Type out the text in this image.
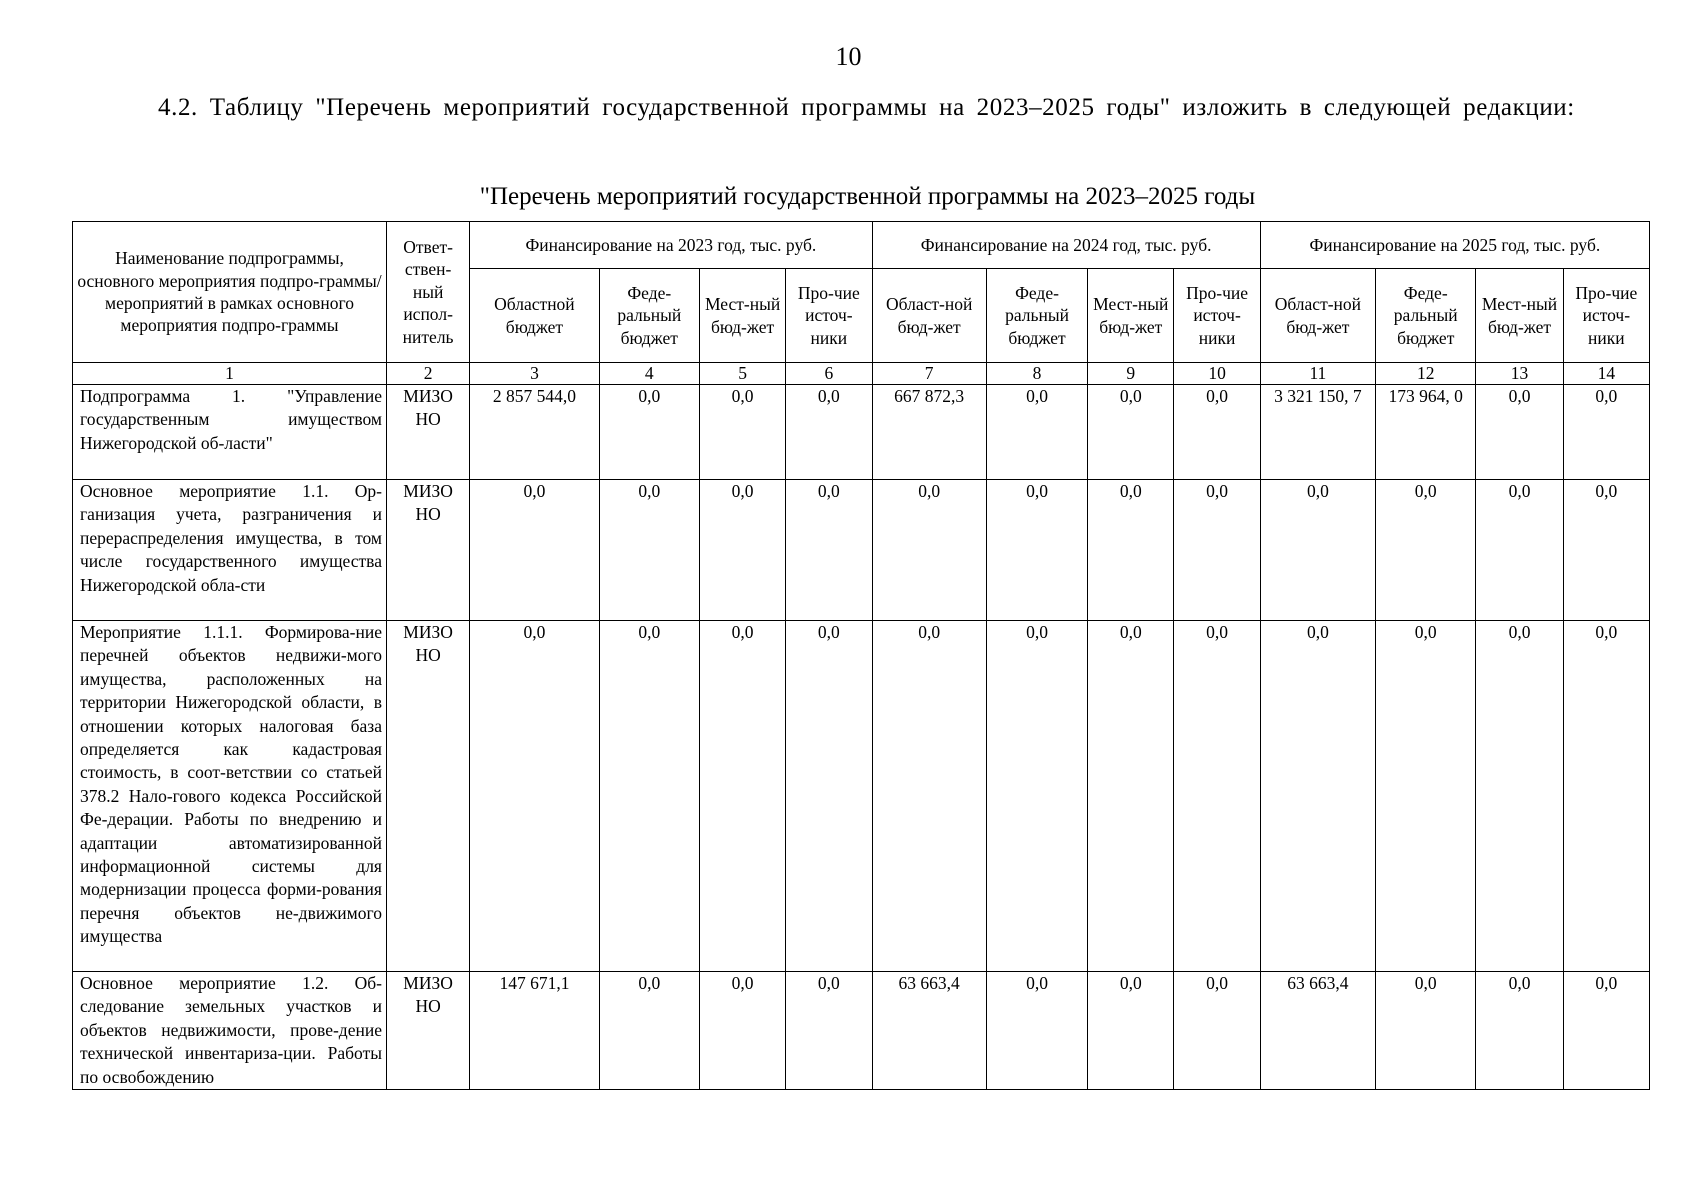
10
4.2. Таблицу "Перечень мероприятий государственной программы на 2023–2025 годы" изложить в следующей редакции:
"Перечень мероприятий государственной программы на 2023–2025 годы
Наименование подпрограммы, основного мероприятия подпро-граммы/ мероприятий в рамках основного мероприятия подпро-граммы	Ответ-ствен-ный испол-нитель	Финансирование на 2023 год, тыс. руб.				Финансирование на 2024 год, тыс. руб.				Финансирование на 2025 год, тыс. руб.			
		Областной бюджет	Феде-ральный бюджет	Мест-ный бюд-жет	Про-чие источ-ники	Област-ной бюд-жет	Феде-ральный бюджет	Мест-ный бюд-жет	Про-чие источ-ники	Област-ной бюд-жет	Феде-ральный бюджет	Мест-ный бюд-жет	Про-чие источ-ники
1	2	3	4	5	6	7	8	9	10	11	12	13	14
Подпрограмма 1. "Управление государственным имуществом Нижегородской об-ласти"	МИЗО НО	2 857 544,0	0,0	0,0	0,0	667 872,3	0,0	0,0	0,0	3 321 150, 7	173 964, 0	0,0	0,0
Основное мероприятие 1.1. Ор-ганизация учета, разграничения и перераспределения имущества, в том числе государственного имущества Нижегородской обла-сти	МИЗО НО	0,0	0,0	0,0	0,0	0,0	0,0	0,0	0,0	0,0	0,0	0,0	0,0
Мероприятие 1.1.1. Формирова-ние перечней объектов недвижи-мого имущества, расположенных на территории Нижегородской области, в отношении которых налоговая база определяется как кадастровая стоимость, в соот-ветствии со статьей 378.2 Нало-гового кодекса Российской Фе-дерации. Работы по внедрению и адаптации автоматизированной информационной системы для модернизации процесса форми-рования перечня объектов не-движимого имущества	МИЗО НО	0,0	0,0	0,0	0,0	0,0	0,0	0,0	0,0	0,0	0,0	0,0	0,0
Основное мероприятие 1.2. Об-следование земельных участков и объектов недвижимости, прове-дение технической инвентаризa-ции. Работы по освобождению	МИЗО НО	147 671,1	0,0	0,0	0,0	63 663,4	0,0	0,0	0,0	63 663,4	0,0	0,0	0,0
